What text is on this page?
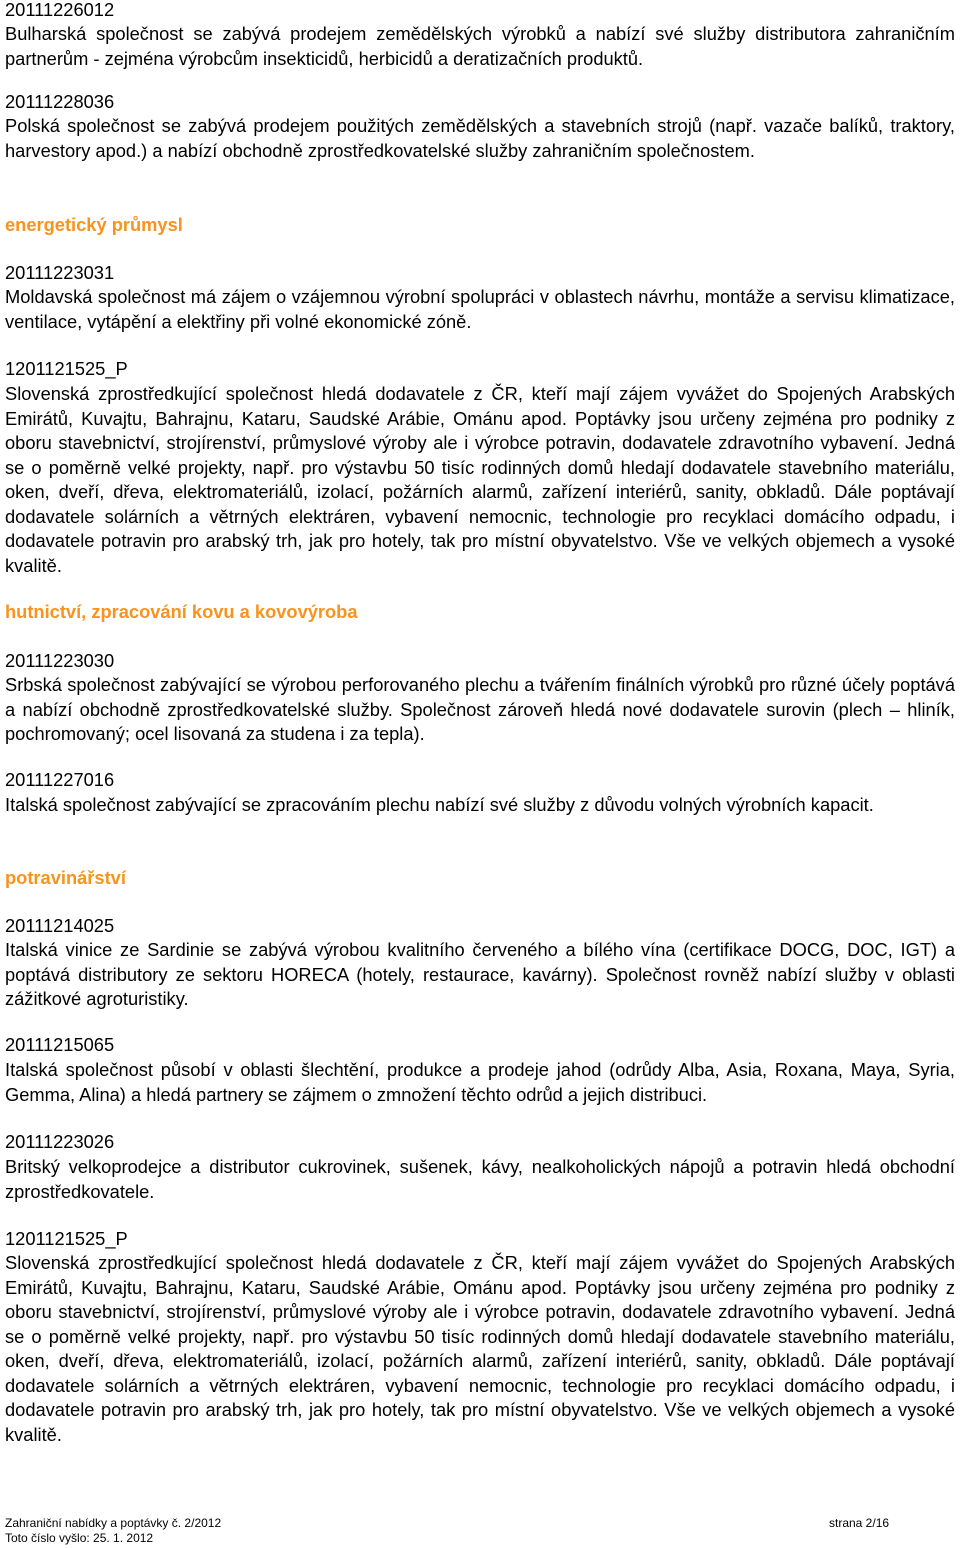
20111226012
Bulharská společnost se zabývá prodejem zemědělských výrobků a nabízí své služby distributora zahraničním partnerům - zejména výrobcům insekticidů, herbicidů a deratizačních produktů.
20111228036
Polská společnost se zabývá prodejem použitých zemědělských a stavebních strojů (např. vazače balíků, traktory, harvestory apod.) a nabízí obchodně zprostředkovatelské služby zahraničním společnostem.
energetický průmysl
20111223031
Moldavská společnost má zájem o vzájemnou výrobní spolupráci v oblastech návrhu, montáže a servisu klimatizace, ventilace, vytápění a elektřiny při volné ekonomické zóně.
1201121525_P
Slovenská zprostředkující společnost hledá dodavatele z ČR, kteří mají zájem vyvážet do Spojených Arabských Emirátů, Kuvajtu, Bahrajnu, Kataru, Saudské Arábie, Ománu apod. Poptávky jsou určeny zejména pro podniky z oboru stavebnictví, strojírenství, průmyslové výroby ale i výrobce potravin, dodavatele zdravotního vybavení. Jedná se o poměrně velké projekty, např. pro výstavbu 50 tisíc rodinných domů hledají dodavatele stavebního materiálu, oken, dveří, dřeva, elektromateriálů, izolací, požárních alarmů, zařízení interiérů, sanity, obkladů. Dále poptávají dodavatele solárních a větrných elektráren, vybavení nemocnic, technologie pro recyklaci domácího odpadu, i dodavatele potravin pro arabský trh, jak pro hotely, tak pro místní obyvatelstvo. Vše ve velkých objemech a vysoké kvalitě.
hutnictví, zpracování kovu a kovovýroba
20111223030
Srbská společnost zabývající se výrobou perforovaného plechu a tvářením finálních výrobků pro různé účely poptává a nabízí obchodně zprostředkovatelské služby. Společnost zároveň hledá nové dodavatele surovin (plech – hliník, pochromovaný; ocel lisovaná za studena i za tepla).
20111227016
Italská společnost zabývající se zpracováním plechu nabízí své služby z důvodu volných výrobních kapacit.
potravinářství
20111214025
Italská vinice ze Sardinie se zabývá výrobou kvalitního červeného a bílého vína (certifikace DOCG, DOC, IGT) a poptává distributory ze sektoru HORECA (hotely, restaurace, kavárny). Společnost rovněž nabízí služby v oblasti zážitkové agroturistiky.
20111215065
Italská společnost působí v oblasti šlechtění, produkce a prodeje jahod (odrůdy Alba, Asia, Roxana, Maya, Syria, Gemma, Alina) a hledá partnery se zájmem o zmnožení těchto odrůd a jejich distribuci.
20111223026
Britský velkoprodejce a distributor cukrovinek, sušenek, kávy, nealkoholických nápojů a potravin hledá obchodní zprostředkovatele.
1201121525_P
Slovenská zprostředkující společnost hledá dodavatele z ČR, kteří mají zájem vyvážet do Spojených Arabských Emirátů, Kuvajtu, Bahrajnu, Kataru, Saudské Arábie, Ománu apod. Poptávky jsou určeny zejména pro podniky z oboru stavebnictví, strojírenství, průmyslové výroby ale i výrobce potravin, dodavatele zdravotního vybavení. Jedná se o poměrně velké projekty, např. pro výstavbu 50 tisíc rodinných domů hledají dodavatele stavebního materiálu, oken, dveří, dřeva, elektromateriálů, izolací, požárních alarmů, zařízení interiérů, sanity, obkladů. Dále poptávají dodavatele solárních a větrných elektráren, vybavení nemocnic, technologie pro recyklaci domácího odpadu, i dodavatele potravin pro arabský trh, jak pro hotely, tak pro místní obyvatelstvo. Vše ve velkých objemech a vysoké kvalitě.
Zahraniční nabídky a poptávky č. 2/2012	strana 2/16
Toto číslo vyšlo: 25. 1. 2012
